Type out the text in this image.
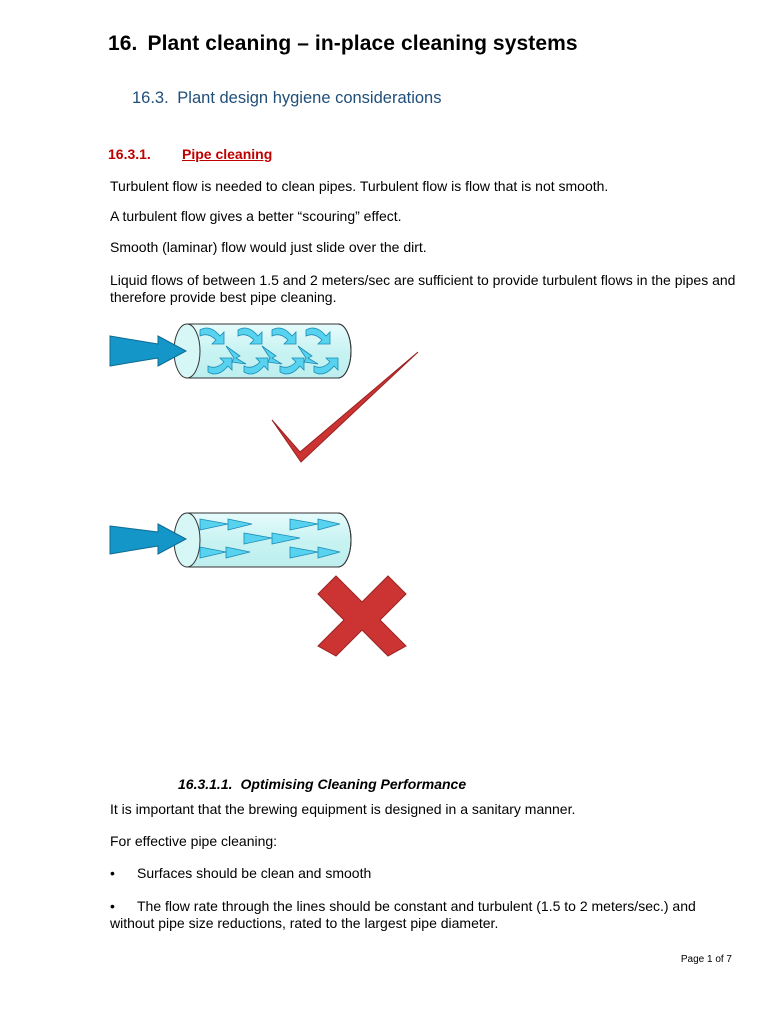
16. Plant cleaning – in-place cleaning systems
16.3. Plant design hygiene considerations
16.3.1. Pipe cleaning
Turbulent flow is needed to clean pipes. Turbulent flow is flow that is not smooth.
A turbulent flow gives a better “scouring” effect.
Smooth (laminar) flow would just slide over the dirt.
Liquid flows of between 1.5 and 2 meters/sec are sufficient to provide turbulent flows in the pipes and therefore provide best pipe cleaning.
16.3.1.1. Optimising Cleaning Performance
It is important that the brewing equipment is designed in a sanitary manner.
For effective pipe cleaning:
• Surfaces should be clean and smooth
• The flow rate through the lines should be constant and turbulent (1.5 to 2 meters/sec.) and without pipe size reductions, rated to the largest pipe diameter.
Page 1 of 7
